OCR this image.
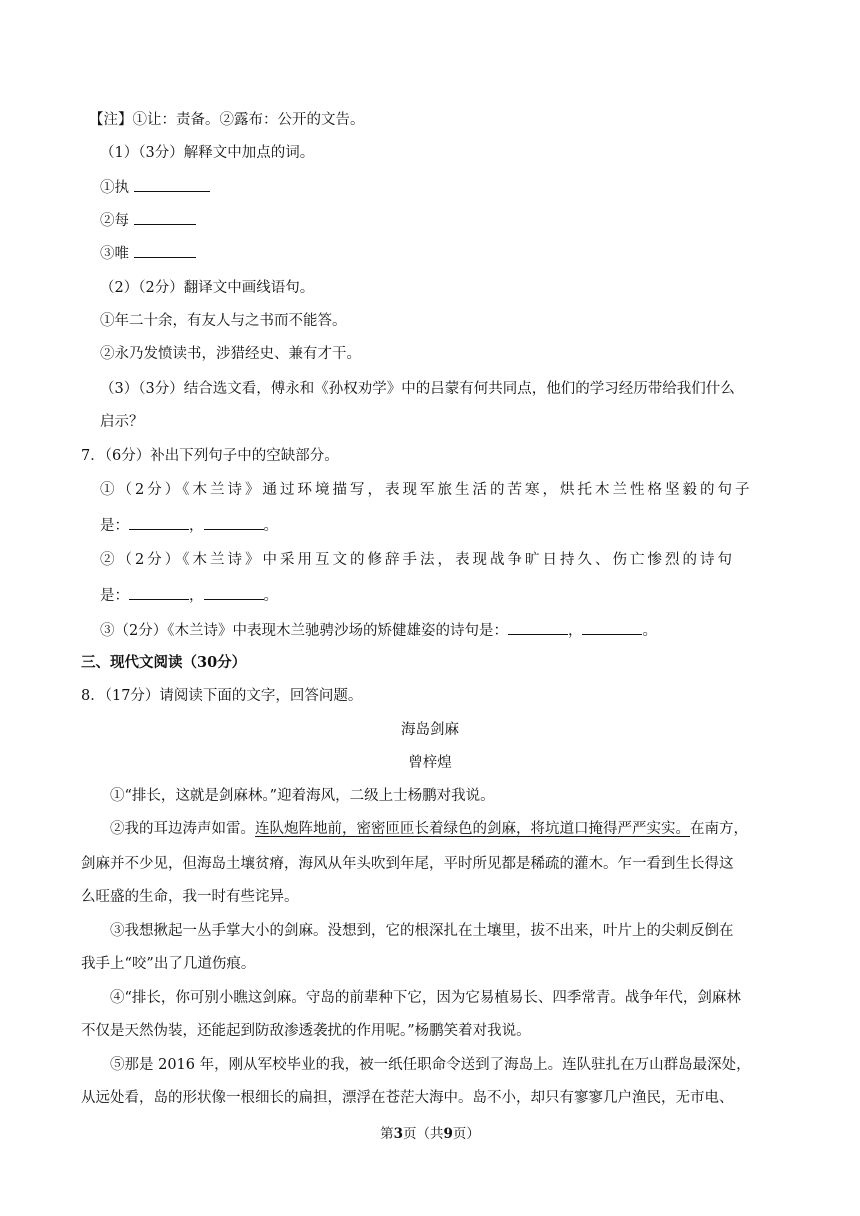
【注】①让：责备。②露布：公开的文告。
（1）（3分）解释文中加点的词。
①执
②每
③唯
（2）（2分）翻译文中画线语句。
①年二十余，有友人与之书而不能答。
②永乃发愤读书，涉猎经史、兼有才干。
（3）（3分）结合选文看，傅永和《孙权劝学》中的吕蒙有何共同点，他们的学习经历带给我们什么
启示？
7．（6分）补出下列句子中的空缺部分。
①（2分）《木兰诗》通过环境描写，表现军旅生活的苦寒，烘托木兰性格坚毅的句子
是：	，	。
②（2分）《木兰诗》中采用互文的修辞手法，表现战争旷日持久、伤亡惨烈的诗句
是：	，	。
③（2分）《木兰诗》中表现木兰驰骋沙场的矫健雄姿的诗句是：	，	。
三、现代文阅读（30分）
8．（17分）请阅读下面的文字，回答问题。
海岛剑麻
曾梓煌
①“排长，这就是剑麻林。”迎着海风，二级上士杨鹏对我说。
②我的耳边涛声如雷。连队炮阵地前，密密匝匝长着绿色的剑麻，将坑道口掩得严严实实。在南方，
剑麻并不少见，但海岛土壤贫瘠，海风从年头吹到年尾，平时所见都是稀疏的灌木。乍一看到生长得这
么旺盛的生命，我一时有些诧异。
③我想揪起一丛手掌大小的剑麻。没想到，它的根深扎在土壤里，拔不出来，叶片上的尖刺反倒在
我手上“咬”出了几道伤痕。
④“排长，你可别小瞧这剑麻。守岛的前辈种下它，因为它易植易长、四季常青。战争年代，剑麻林
不仅是天然伪装，还能起到防敌渗透袭扰的作用呢。”杨鹏笑着对我说。
⑤那是 2016 年，刚从军校毕业的我，被一纸任职命令送到了海岛上。连队驻扎在万山群岛最深处，
从远处看，岛的形状像一根细长的扁担，漂浮在苍茫大海中。岛不小，却只有寥寥几户渔民，无市电、
第3页（共9页）
